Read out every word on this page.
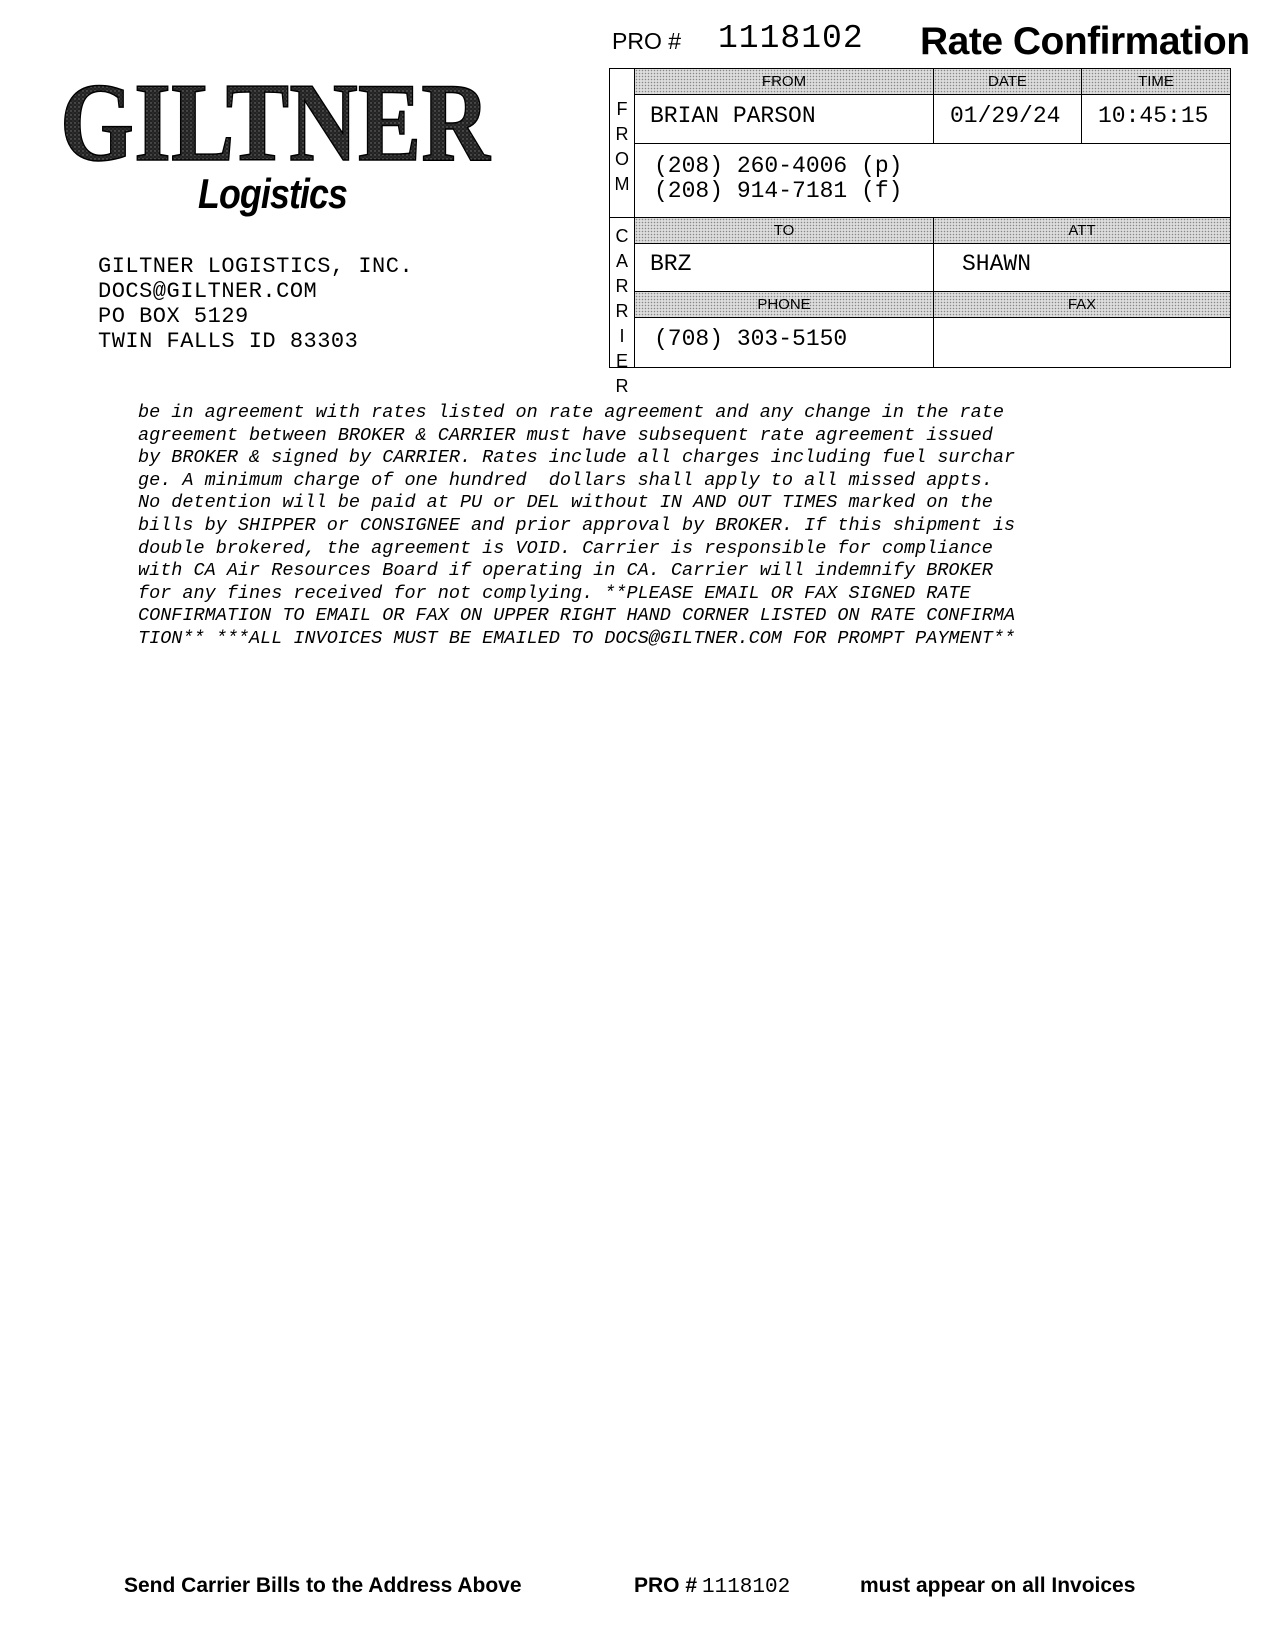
GILTNER
Logistics
GILTNER LOGISTICS, INC.
DOCS@GILTNER.COM
PO BOX 5129
TWIN FALLS ID 83303
PRO # 1118102 Rate Confirmation
F
R
O
M
C
A
R
R
I
E
R
FROM	DATE	TIME
BRIAN PARSON	01/29/24 10:45:15
(208) 260-4006 (p)
(208) 914-7181 (f)
TO	ATT
BRZ	SHAWN
PHONE	FAX
(708) 303-5150
be in agreement with rates listed on rate agreement and any change in the rate
agreement between BROKER & CARRIER must have subsequent rate agreement issued
by BROKER & signed by CARRIER. Rates include all charges including fuel surchar
ge. A minimum charge of one hundred  dollars shall apply to all missed appts.
No detention will be paid at PU or DEL without IN AND OUT TIMES marked on the
bills by SHIPPER or CONSIGNEE and prior approval by BROKER. If this shipment is
double brokered, the agreement is VOID. Carrier is responsible for compliance
with CA Air Resources Board if operating in CA. Carrier will indemnify BROKER
for any fines received for not complying. **PLEASE EMAIL OR FAX SIGNED RATE
CONFIRMATION TO EMAIL OR FAX ON UPPER RIGHT HAND CORNER LISTED ON RATE CONFIRMA
TION** ***ALL INVOICES MUST BE EMAILED TO DOCS@GILTNER.COM FOR PROMPT PAYMENT**
Send Carrier Bills to the Address Above	PRO # 1118102	must appear on all Invoices
